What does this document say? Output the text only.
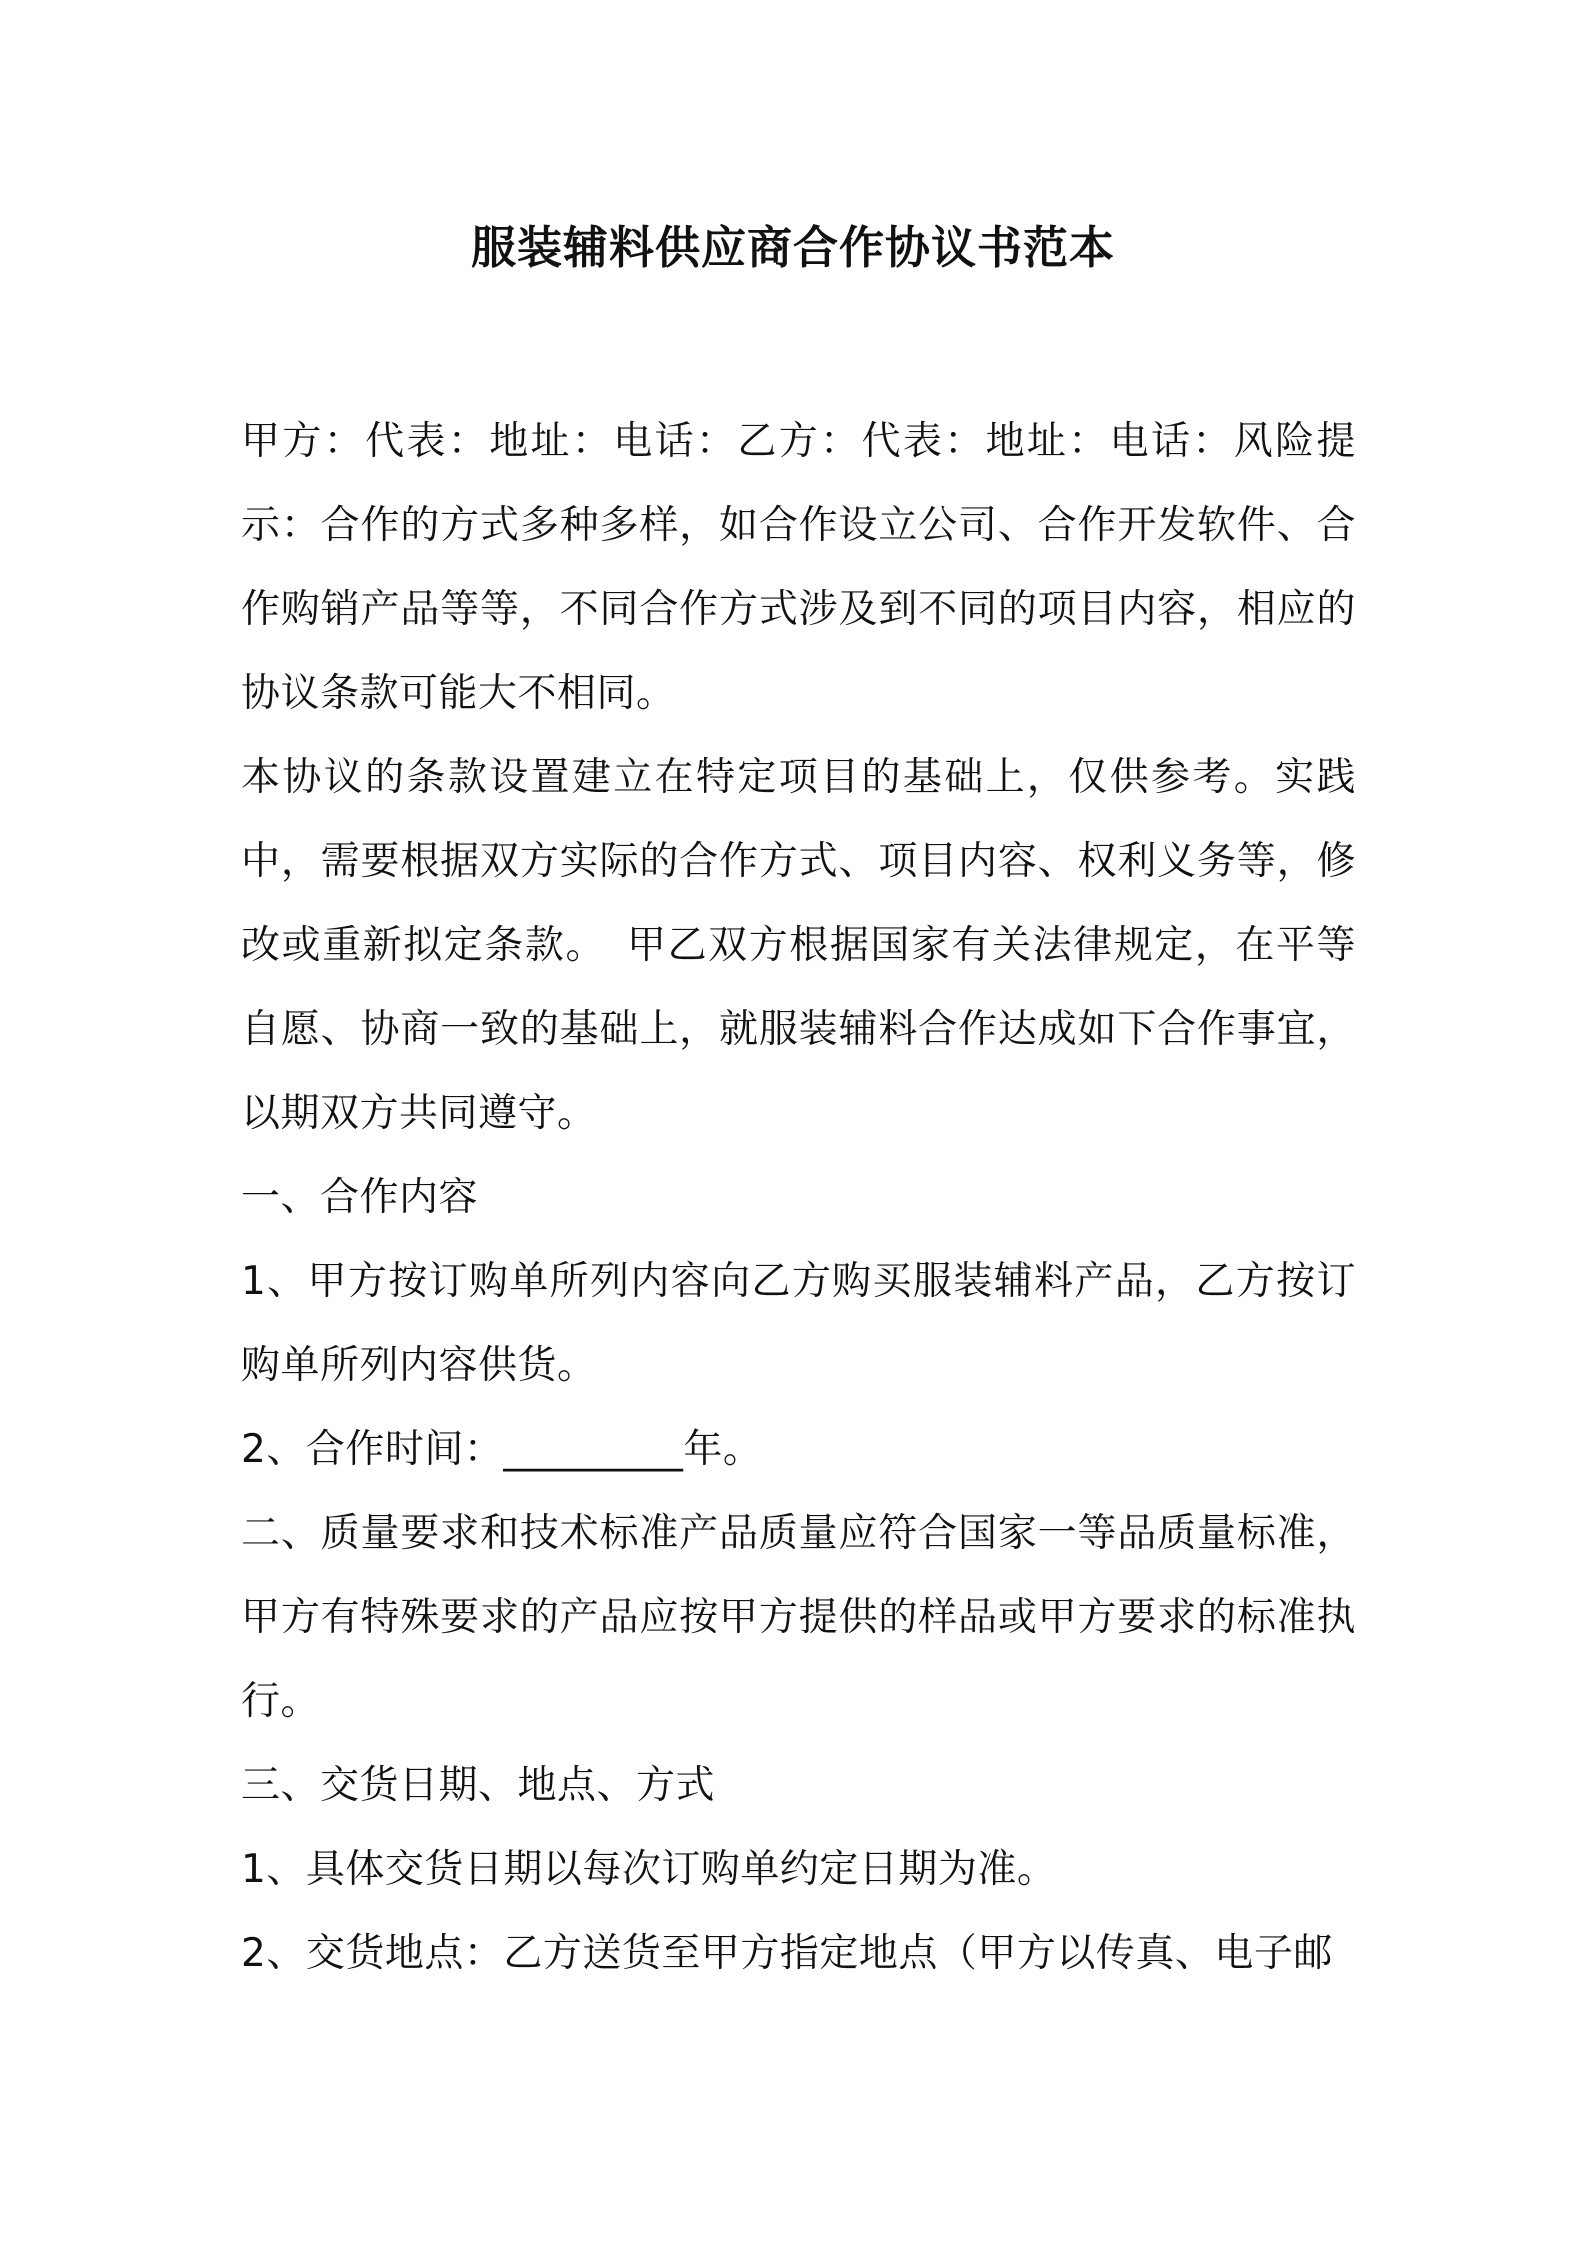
服装辅料供应商合作协议书范本

甲方：代表：地址：电话：乙方：代表：地址：电话：风险提示：合作的方式多种多样，如合作设立公司、合作开发软件、合作购销产品等等，不同合作方式涉及到不同的项目内容，相应的协议条款可能大不相同。

本协议的条款设置建立在特定项目的基础上，仅供参考。实践中，需要根据双方实际的合作方式、项目内容、权利义务等，修改或重新拟定条款。　甲乙双方根据国家有关法律规定，在平等自愿、协商一致的基础上，就服装辅料合作达成如下合作事宜，以期双方共同遵守。

一、合作内容

1、甲方按订购单所列内容向乙方购买服装辅料产品，乙方按订购单所列内容供货。

2、合作时间：_________年。

二、质量要求和技术标准产品质量应符合国家一等品质量标准，甲方有特殊要求的产品应按甲方提供的样品或甲方要求的标准执行。

三、交货日期、地点、方式

1、具体交货日期以每次订购单约定日期为准。

2、交货地点：乙方送货至甲方指定地点（甲方以传真、电子邮
